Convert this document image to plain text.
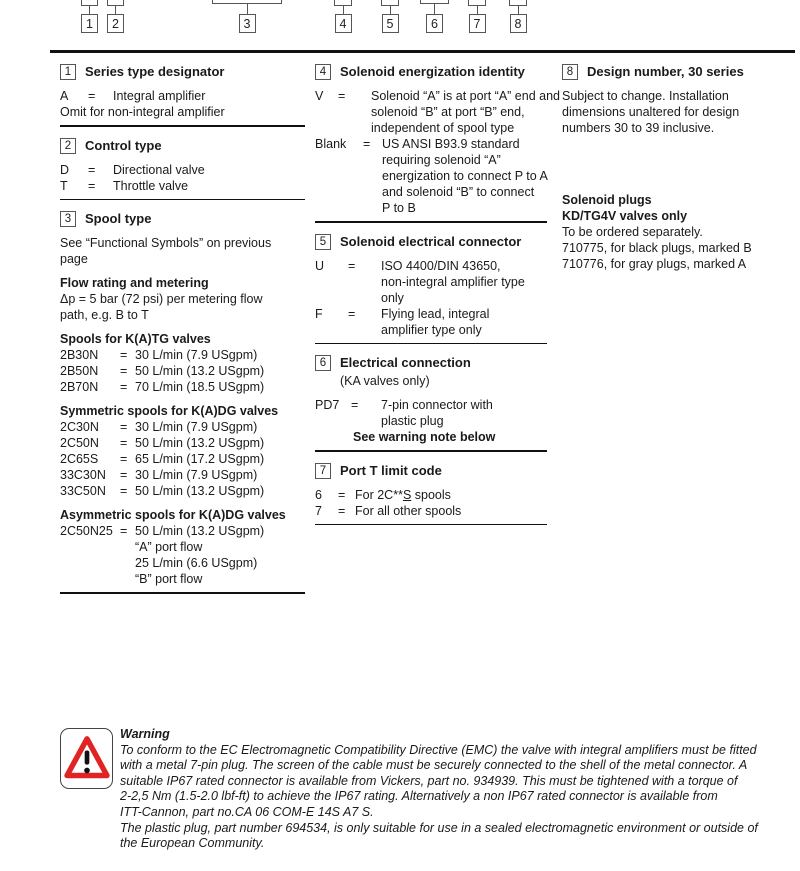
1	2	3	4	5	6	7	8
1	Series type designator
A	=	Integral amplifier
Omit for non-integral amplifier
2	Control type
D	=	Directional valve
T	=	Throttle valve
3	Spool type
See “Functional Symbols” on previous
page
Flow rating and metering
Δp = 5 bar (72 psi) per metering flow
path, e.g. B to T
Spools for K(A)TG valves
2B30N	= 30 L/min (7.9 USgpm)
2B50N	= 50 L/min (13.2 USgpm)
2B70N	= 70 L/min (18.5 USgpm)
Symmetric spools for K(A)DG valves
2C30N	= 30 L/min (7.9 USgpm)
2C50N	= 50 L/min (13.2 USgpm)
2C65S	= 65 L/min (17.2 USgpm)
33C30N	= 30 L/min (7.9 USgpm)
33C50N	= 50 L/min (13.2 USgpm)
Asymmetric spools for K(A)DG valves
2C50N25 = 50 L/min (13.2 USgpm)
“A” port flow
25 L/min (6.6 USgpm)
“B” port flow
4	Solenoid energization identity
V	=	Solenoid “A” is at port “A” end and
solenoid “B” at port “B” end,
independent of spool type
Blank	= US ANSI B93.9 standard
requiring solenoid “A”
energization to connect P to A
and solenoid “B” to connect
P to B
5	Solenoid electrical connector
U	=	ISO 4400/DIN 43650,
non-integral amplifier type
only
F	=	Flying lead, integral
amplifier type only
6	Electrical connection
(KA valves only)
PD7 =	7-pin connector with
plastic plug
See warning note below
7	Port T limit code
6	= For 2C**S spools
7	= For all other spools
8	Design number, 30 series
Subject to change. Installation
dimensions unaltered for design
numbers 30 to 39 inclusive.
Solenoid plugs
KD/TG4V valves only
To be ordered separately.
710775, for black plugs, marked B
710776, for gray plugs, marked A
Warning
To conform to the EC Electromagnetic Compatibility Directive (EMC) the valve with integral amplifiers must be fitted
with a metal 7-pin plug. The screen of the cable must be securely connected to the shell of the metal connector. A
suitable IP67 rated connector is available from Vickers, part no. 934939. This must be tightened with a torque of
2-2,5 Nm (1.5-2.0 lbf-ft) to achieve the IP67 rating. Alternatively a non IP67 rated connector is available from
ITT-Cannon, part no.CA 06 COM-E 14S A7 S.
The plastic plug, part number 694534, is only suitable for use in a sealed electromagnetic environment or outside of
the European Community.
